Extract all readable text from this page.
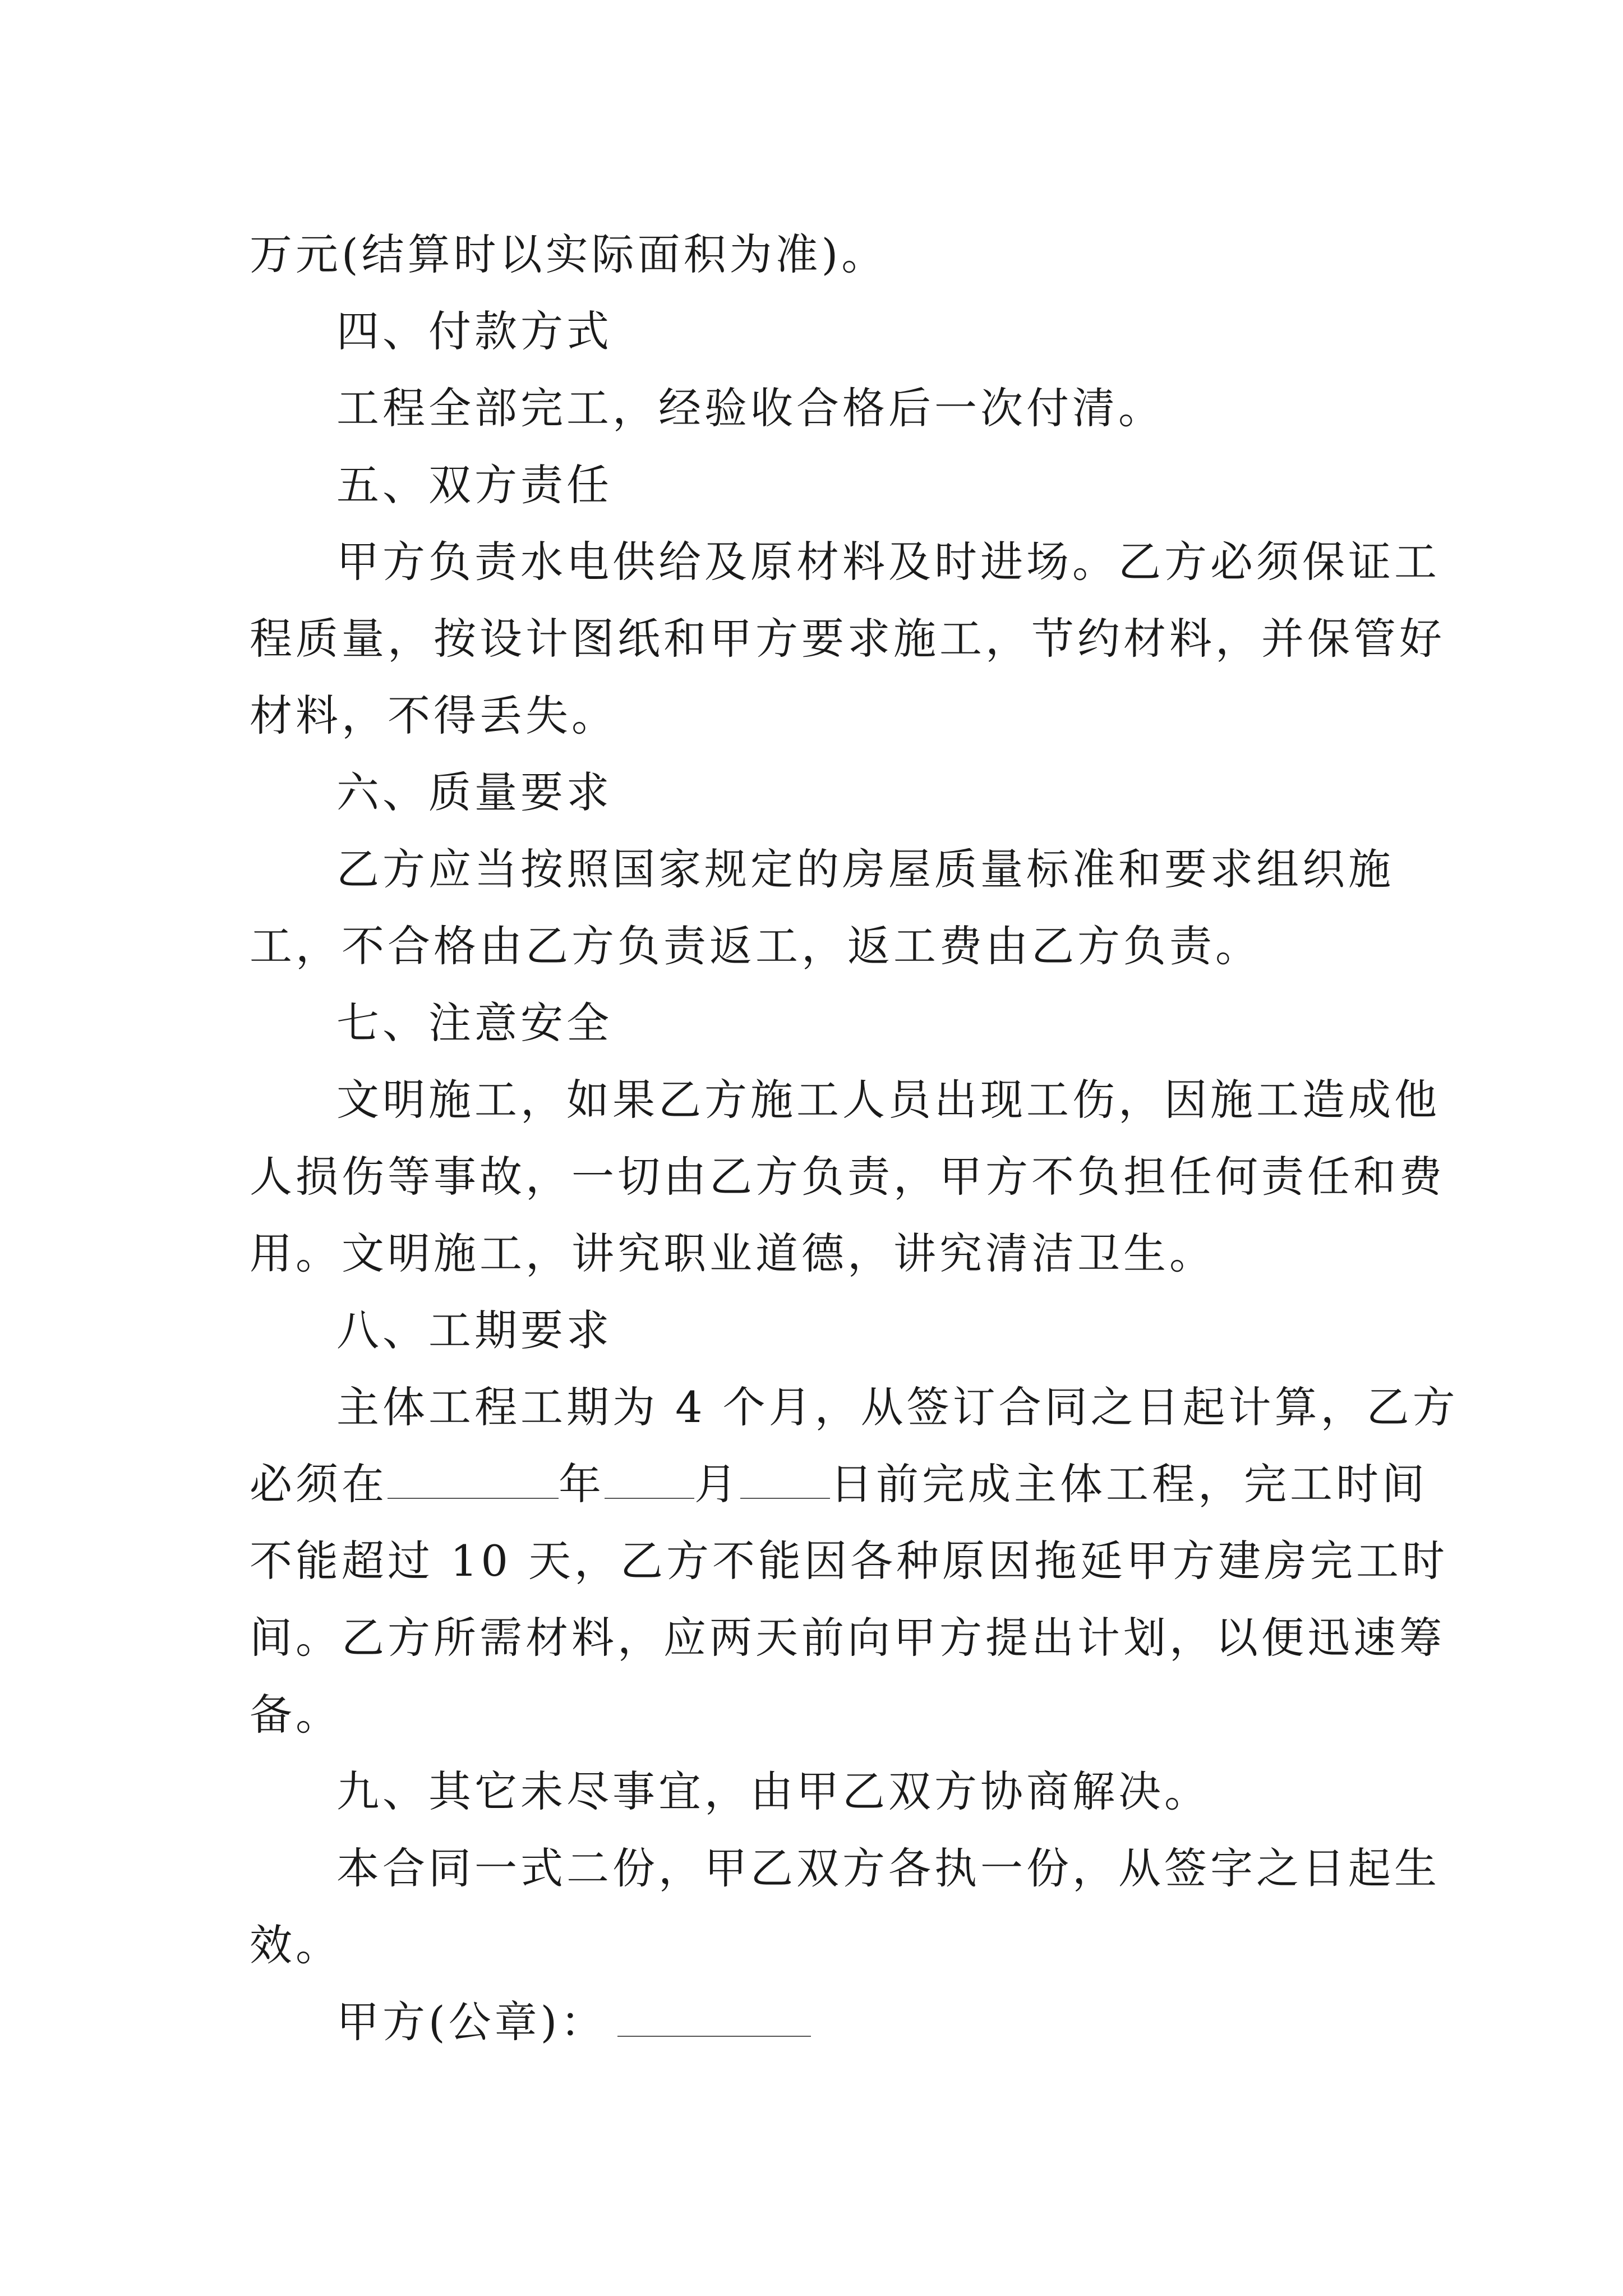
万元(结算时以实际面积为准)。
四、付款方式
工程全部完工，经验收合格后一次付清。
五、双方责任
甲方负责水电供给及原材料及时进场。乙方必须保证工
程质量，按设计图纸和甲方要求施工，节约材料，并保管好
材料，不得丢失。
六、质量要求
乙方应当按照国家规定的房屋质量标准和要求组织施
工，不合格由乙方负责返工，返工费由乙方负责。
七、注意安全
文明施工，如果乙方施工人员出现工伤，因施工造成他
人损伤等事故，一切由乙方负责，甲方不负担任何责任和费
用。文明施工，讲究职业道德，讲究清洁卫生。
八、工期要求
主体工程工期为 4 个月，从签订合同之日起计算，乙方
必须在	年 月 日前完成主体工程，完工时间
不能超过 10 天，乙方不能因各种原因拖延甲方建房完工时
间。乙方所需材料，应两天前向甲方提出计划，以便迅速筹
备。
九、其它未尽事宜，由甲乙双方协商解决。
本合同一式二份，甲乙双方各执一份，从签字之日起生
效。
甲方(公章)：
